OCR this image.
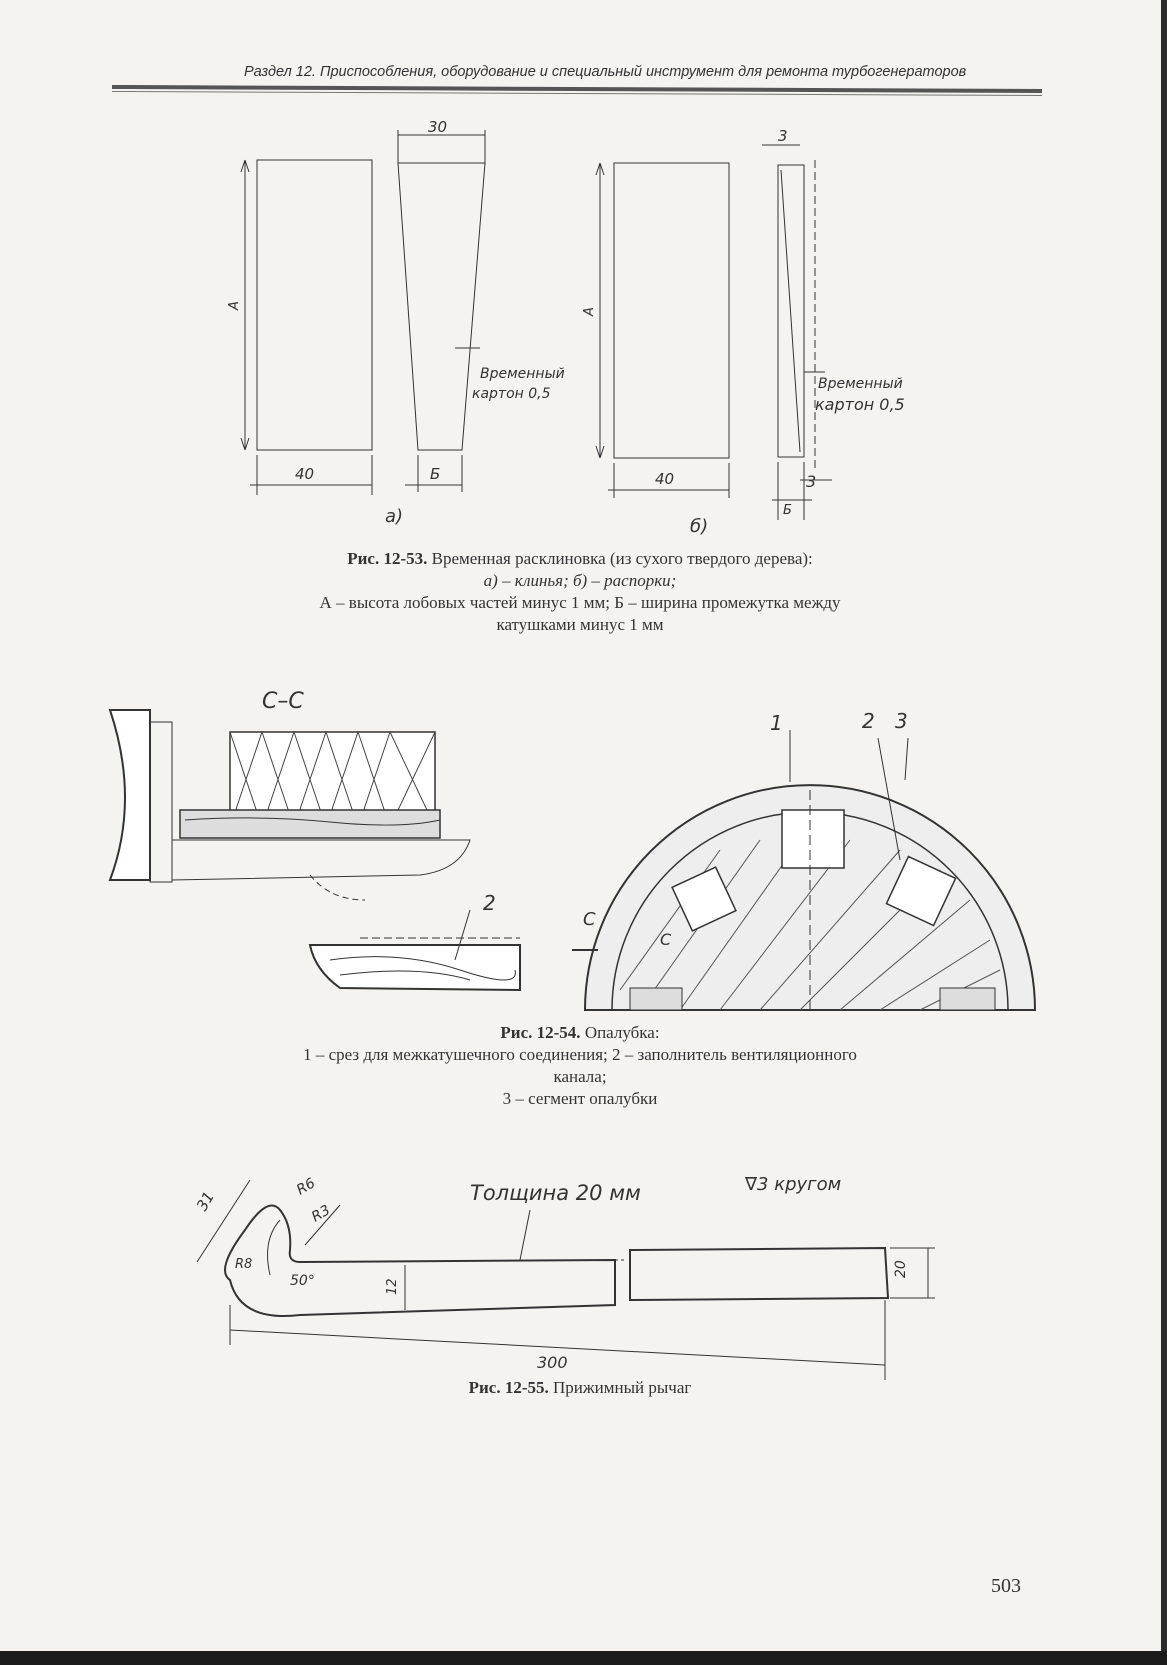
Раздел 12. Приспособления, оборудование и специальный инструмент для ремонта турбогенераторов
А
40
30
Б
Временный
картон 0,5
а)
А
40
3
3
Б
Временный
картон 0,5
б)
Рис. 12-53. Временная расклиновка (из сухого твердого дерева):
а) – клинья; б) – распорки;
А – высота лобовых частей минус 1 мм; Б – ширина промежутка между
катушками минус 1 мм
С–С
2
1	2 3
С
С
Рис. 12-54. Опалубка:
1 – срез для межкатушечного соединения; 2 – заполнитель вентиляционного
канала;
3 – сегмент опалубки
20
12
300
31
R6
R3
R8
50°
Толщина 20 мм	∇3 кругом
Рис. 12-55. Прижимный рычаг
503
